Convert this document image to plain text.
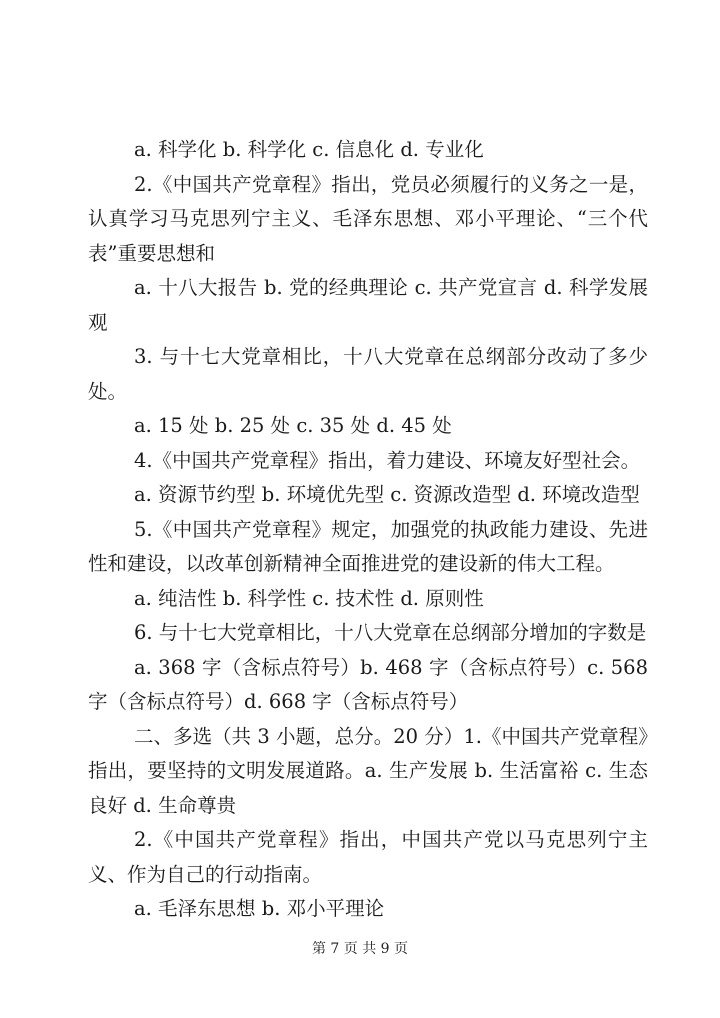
a. 科学化 b. 科学化 c. 信息化 d. 专业化

2.《中国共产党章程》指出，党员必须履行的义务之一是，认真学习马克思列宁主义、毛泽东思想、邓小平理论、“三个代表”重要思想和

a. 十八大报告 b. 党的经典理论 c. 共产党宣言 d. 科学发展观

3. 与十七大党章相比，十八大党章在总纲部分改动了多少处。

a. 15 处 b. 25 处 c. 35 处 d. 45 处

4.《中国共产党章程》指出，着力建设、环境友好型社会。

a. 资源节约型 b. 环境优先型 c. 资源改造型 d. 环境改造型

5.《中国共产党章程》规定，加强党的执政能力建设、先进性和建设，以改革创新精神全面推进党的建设新的伟大工程。

a. 纯洁性 b. 科学性 c. 技术性 d. 原则性

6. 与十七大党章相比，十八大党章在总纲部分增加的字数是

a. 368 字（含标点符号）b. 468 字（含标点符号）c. 568 字（含标点符号）d. 668 字（含标点符号）

二、多选（共 3 小题，总分。20 分）1.《中国共产党章程》指出，要坚持的文明发展道路。a. 生产发展 b. 生活富裕 c. 生态良好 d. 生命尊贵

2.《中国共产党章程》指出，中国共产党以马克思列宁主义、作为自己的行动指南。

a. 毛泽东思想 b. 邓小平理论

第 7 页 共 9 页
